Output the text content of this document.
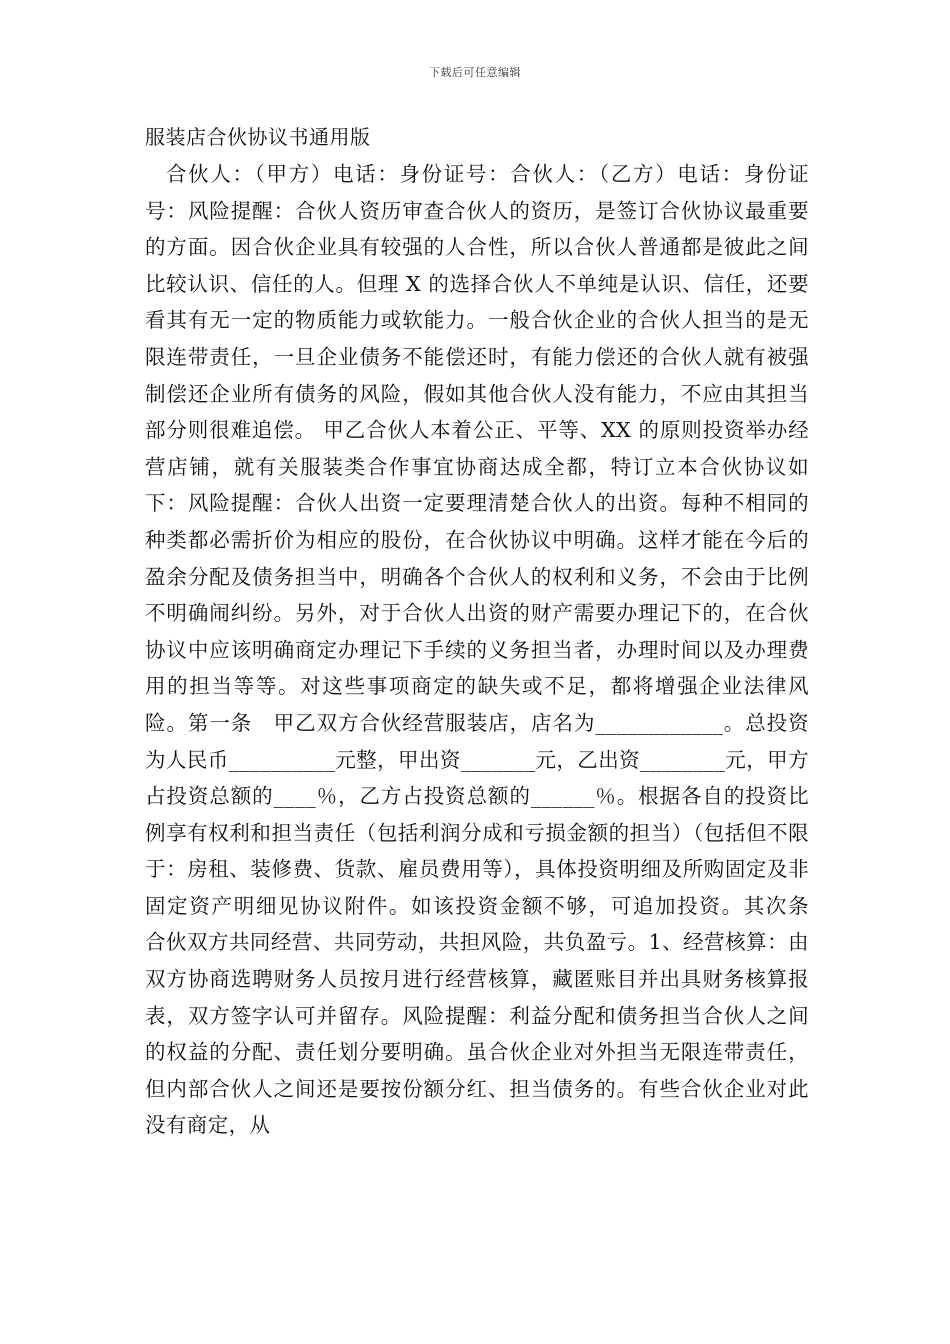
下载后可任意编辑
服装店合伙协议书通用版
合伙人：（甲方）电话：身份证号：合伙人：（乙方）电话：身份证号：风险提醒：合伙人资历审查合伙人的资历，是签订合伙协议最重要的方面。因合伙企业具有较强的人合性，所以合伙人普通都是彼此之间比较认识、信任的人。但理 X 的选择合伙人不单纯是认识、信任，还要看其有无一定的物质能力或软能力。一般合伙企业的合伙人担当的是无限连带责任，一旦企业债务不能偿还时，有能力偿还的合伙人就有被强制偿还企业所有债务的风险，假如其他合伙人没有能力，不应由其担当部分则很难追偿。 甲乙合伙人本着公正、平等、XX 的原则投资举办经营店铺，就有关服装类合作事宜协商达成全都，特订立本合伙协议如下：风险提醒：合伙人出资一定要理清楚合伙人的出资。每种不相同的种类都必需折价为相应的股份，在合伙协议中明确。这样才能在今后的盈余分配及债务担当中，明确各个合伙人的权利和义务，不会由于比例不明确闹纠纷。另外，对于合伙人出资的财产需要办理记下的，在合伙协议中应该明确商定办理记下手续的义务担当者，办理时间以及办理费用的担当等等。对这些事项商定的缺失或不足，都将增强企业法律风险。第一条　甲乙双方合伙经营服装店，店名为____________。总投资为人民币__________元整，甲出资_______元，乙出资________元，甲方占投资总额的____％，乙方占投资总额的______％。根据各自的投资比例享有权利和担当责任（包括利润分成和亏损金额的担当）（包括但不限于：房租、装修费、货款、雇员费用等），具体投资明细及所购固定及非固定资产明细见协议附件。如该投资金额不够，可追加投资。其次条　合伙双方共同经营、共同劳动，共担风险，共负盈亏。1、经营核算：由双方协商选聘财务人员按月进行经营核算，藏匿账目并出具财务核算报表，双方签字认可并留存。风险提醒：利益分配和债务担当合伙人之间的权益的分配、责任划分要明确。虽合伙企业对外担当无限连带责任，但内部合伙人之间还是要按份额分红、担当债务的。有些合伙企业对此没有商定，从
